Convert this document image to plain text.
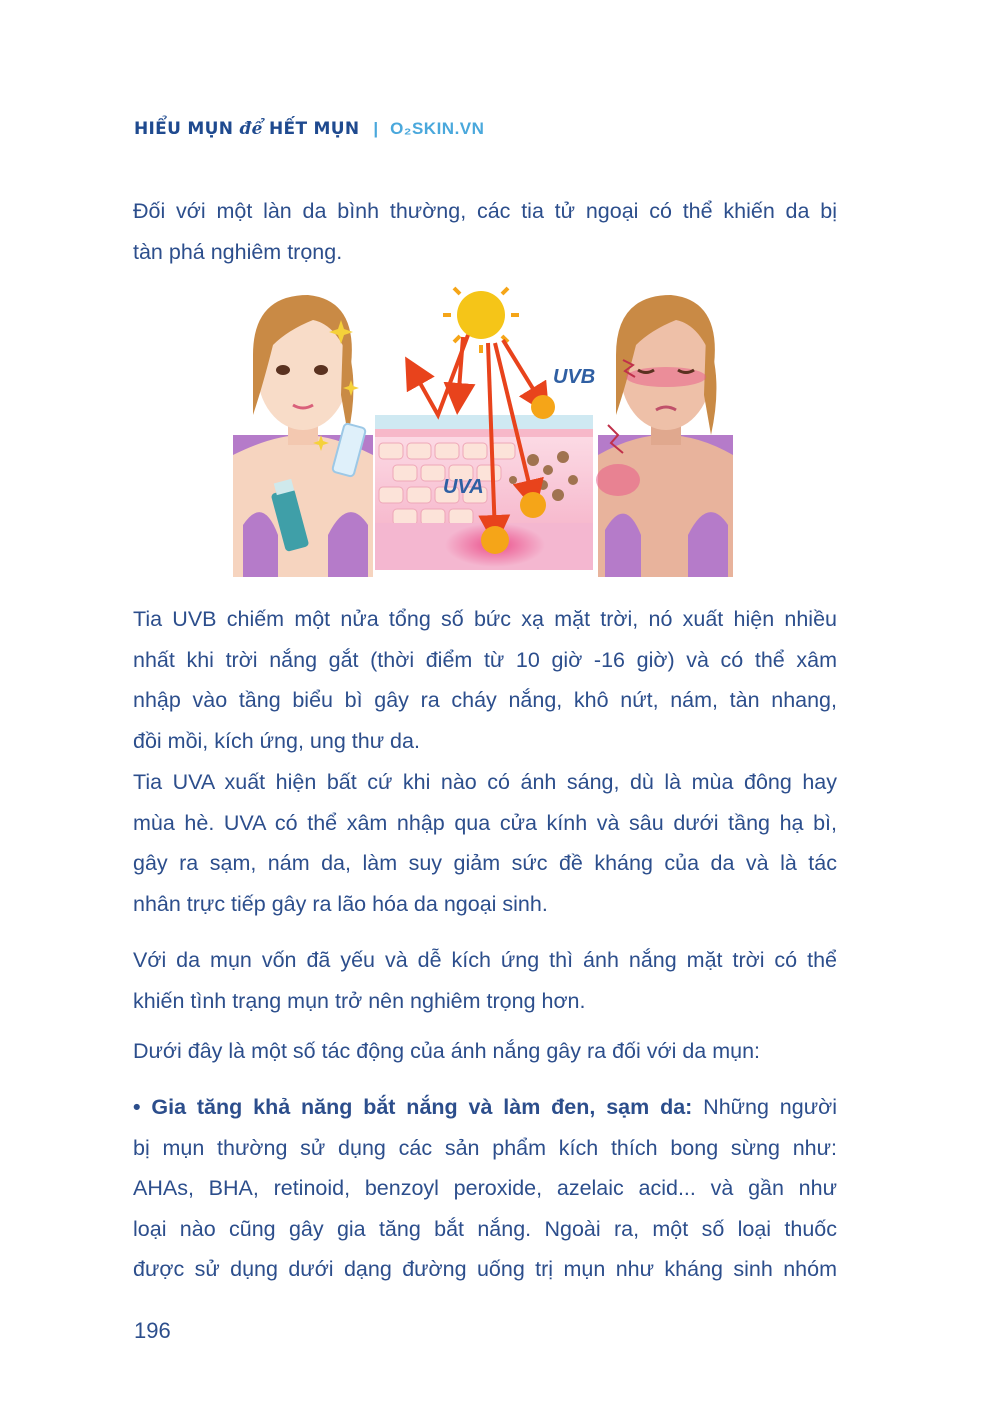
HIỂU MỤN để HẾT MỤN | O₂SKIN.VN
Đối với một làn da bình thường, các tia tử ngoại có thể khiến da bị
tàn phá nghiêm trọng.
UVB
UVA
Tia UVB chiếm một nửa tổng số bức xạ mặt trời, nó xuất hiện nhiều
nhất khi trời nắng gắt (thời điểm từ 10 giờ -16 giờ) và có thể xâm
nhập vào tầng biểu bì gây ra cháy nắng, khô nứt, nám, tàn nhang,
đồi mồi, kích ứng, ung thư da.
Tia UVA xuất hiện bất cứ khi nào có ánh sáng, dù là mùa đông hay
mùa hè. UVA có thể xâm nhập qua cửa kính và sâu dưới tầng hạ bì,
gây ra sạm, nám da, làm suy giảm sức đề kháng của da và là tác
nhân trực tiếp gây ra lão hóa da ngoại sinh.
Với da mụn vốn đã yếu và dễ kích ứng thì ánh nắng mặt trời có thể
khiến tình trạng mụn trở nên nghiêm trọng hơn.
Dưới đây là một số tác động của ánh nắng gây ra đối với da mụn:
• Gia tăng khả năng bắt nắng và làm đen, sạm da: Những người
bị mụn thường sử dụng các sản phẩm kích thích bong sừng như:
AHAs, BHA, retinoid, benzoyl peroxide, azelaic acid... và gần như
loại nào cũng gây gia tăng bắt nắng. Ngoài ra, một số loại thuốc
được sử dụng dưới dạng đường uống trị mụn như kháng sinh nhóm
196
